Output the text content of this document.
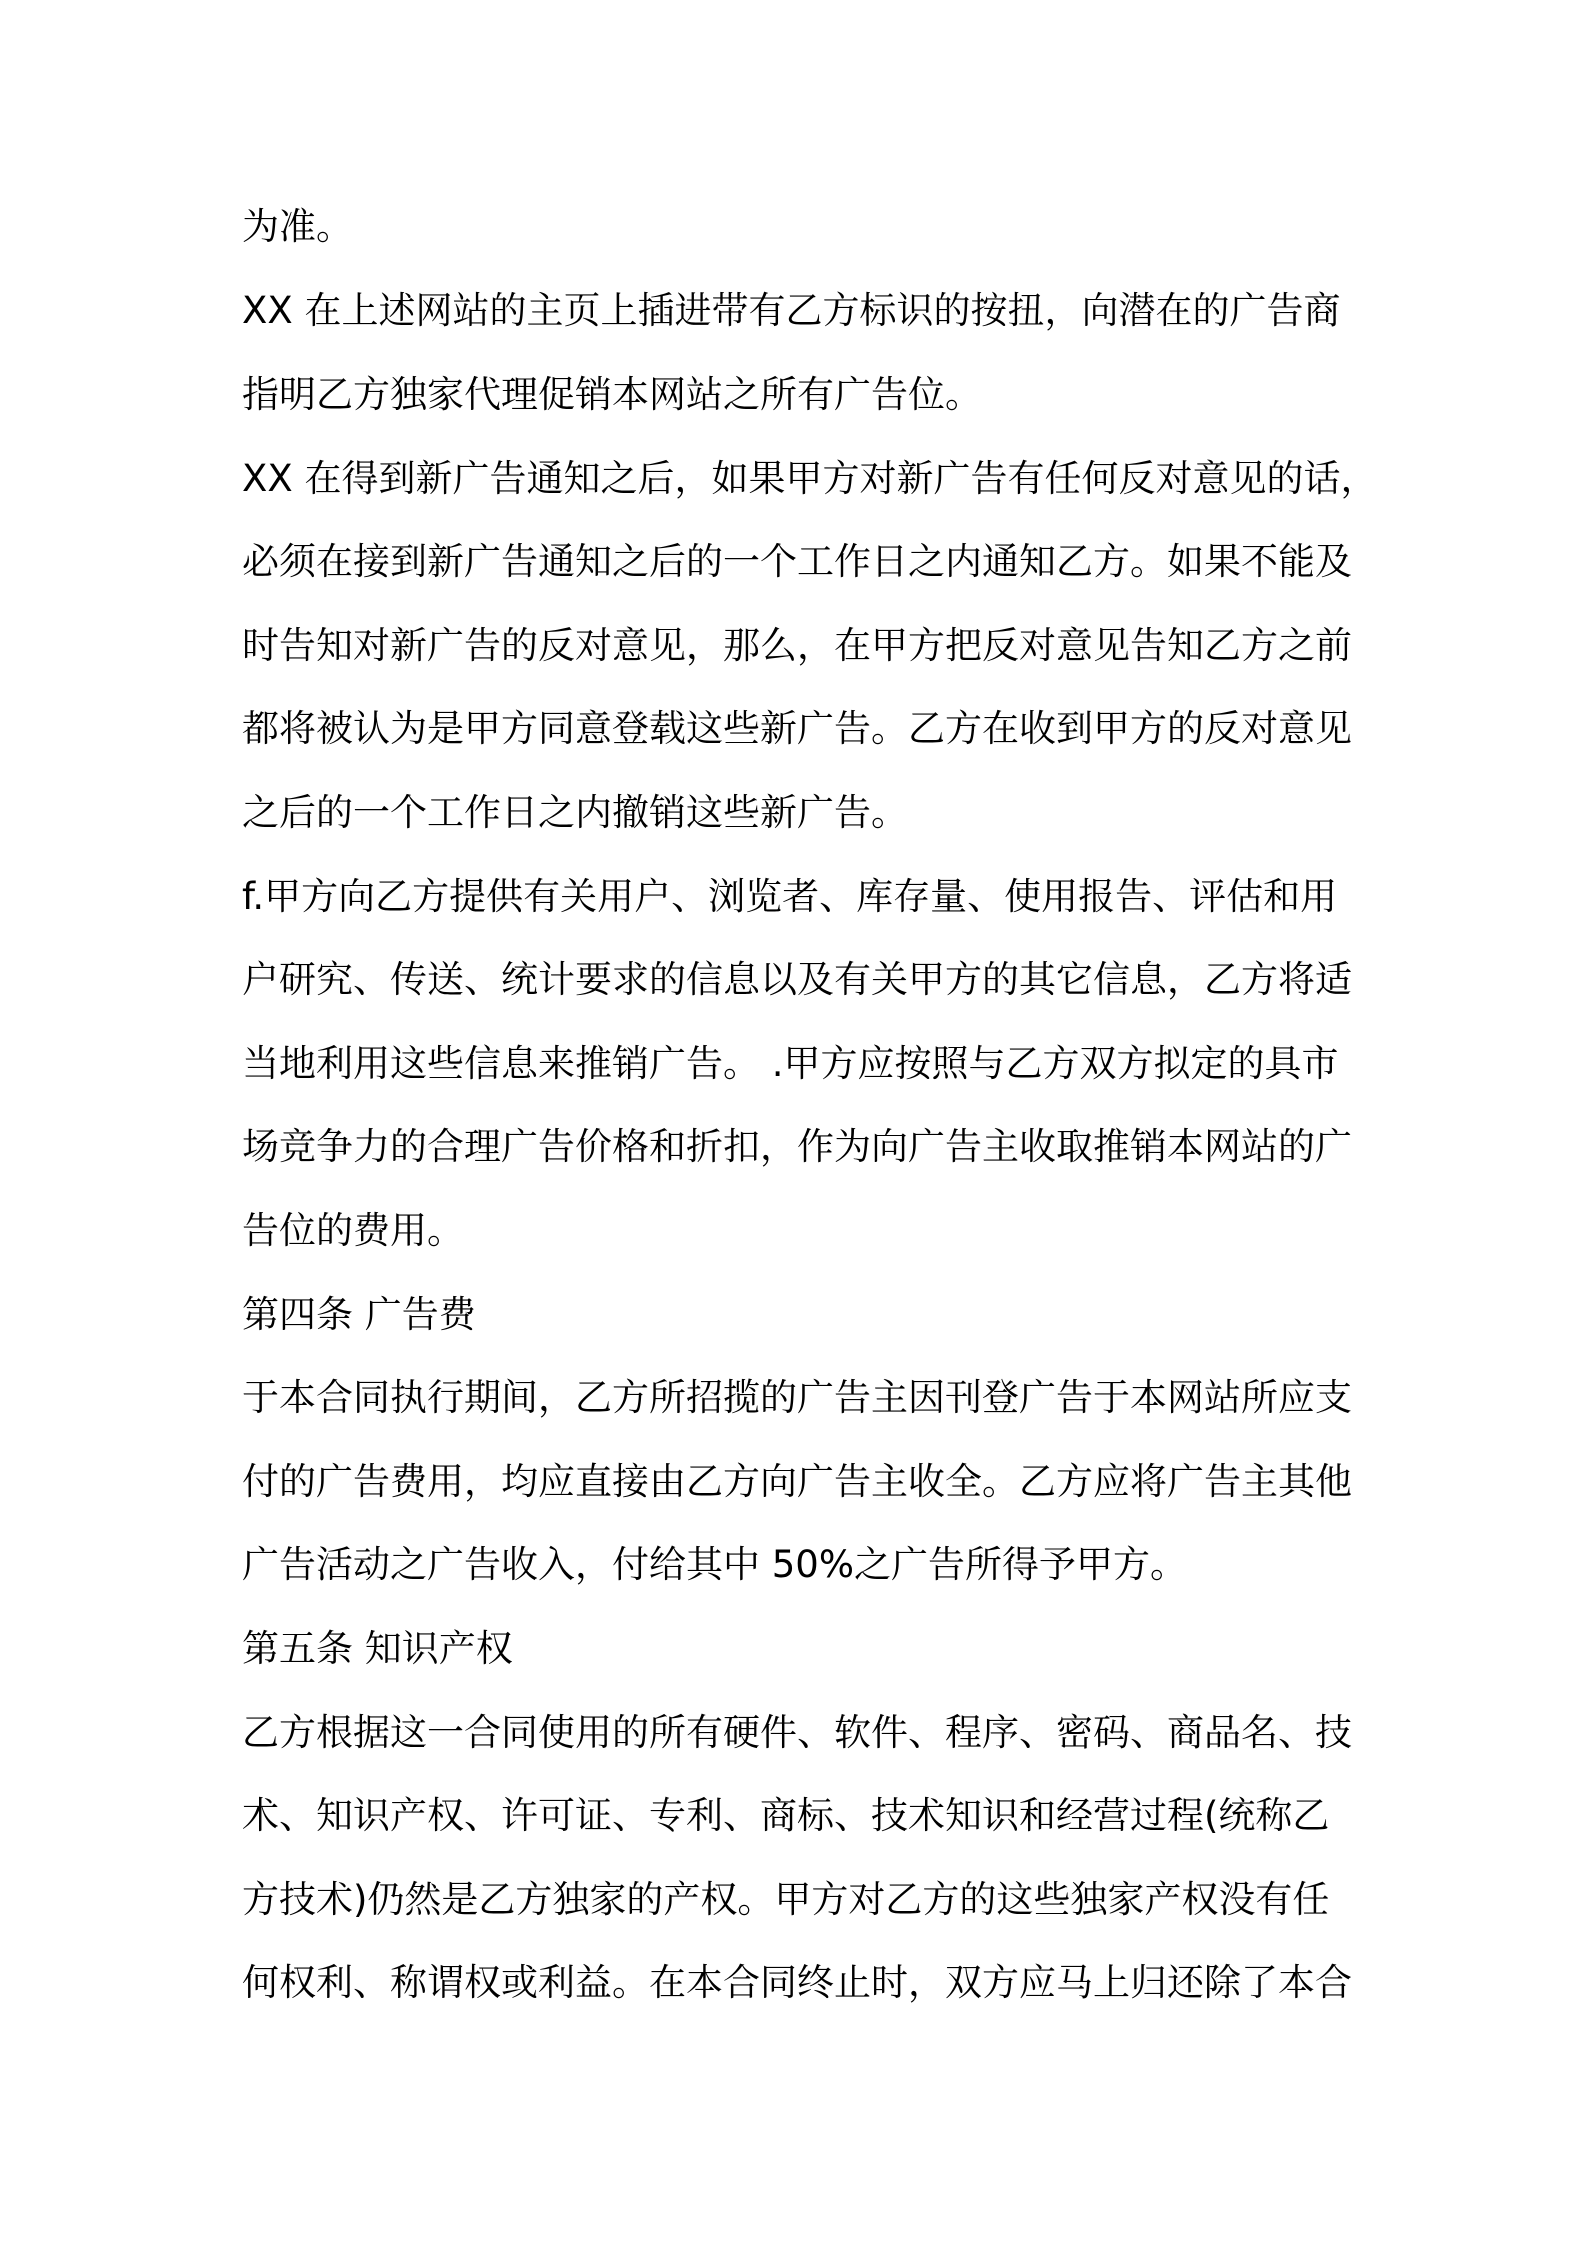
为准。
XX 在上述网站的主页上插进带有乙方标识的按扭，向潜在的广告商
指明乙方独家代理促销本网站之所有广告位。
XX 在得到新广告通知之后，如果甲方对新广告有任何反对意见的话，
必须在接到新广告通知之后的一个工作日之内通知乙方。如果不能及
时告知对新广告的反对意见，那么，在甲方把反对意见告知乙方之前
都将被认为是甲方同意登载这些新广告。乙方在收到甲方的反对意见
之后的一个工作日之内撤销这些新广告。
f.甲方向乙方提供有关用户、浏览者、库存量、使用报告、评估和用
户研究、传送、统计要求的信息以及有关甲方的其它信息，乙方将适
当地利用这些信息来推销广告。 .甲方应按照与乙方双方拟定的具市
场竞争力的合理广告价格和折扣，作为向广告主收取推销本网站的广
告位的费用。
第四条 广告费
于本合同执行期间，乙方所招揽的广告主因刊登广告于本网站所应支
付的广告费用，均应直接由乙方向广告主收全。乙方应将广告主其他
广告活动之广告收入，付给其中 50%之广告所得予甲方。
第五条 知识产权
乙方根据这一合同使用的所有硬件、软件、程序、密码、商品名、技
术、知识产权、许可证、专利、商标、技术知识和经营过程(统称乙
方技术)仍然是乙方独家的产权。甲方对乙方的这些独家产权没有任
何权利、称谓权或利益。在本合同终止时，双方应马上归还除了本合
